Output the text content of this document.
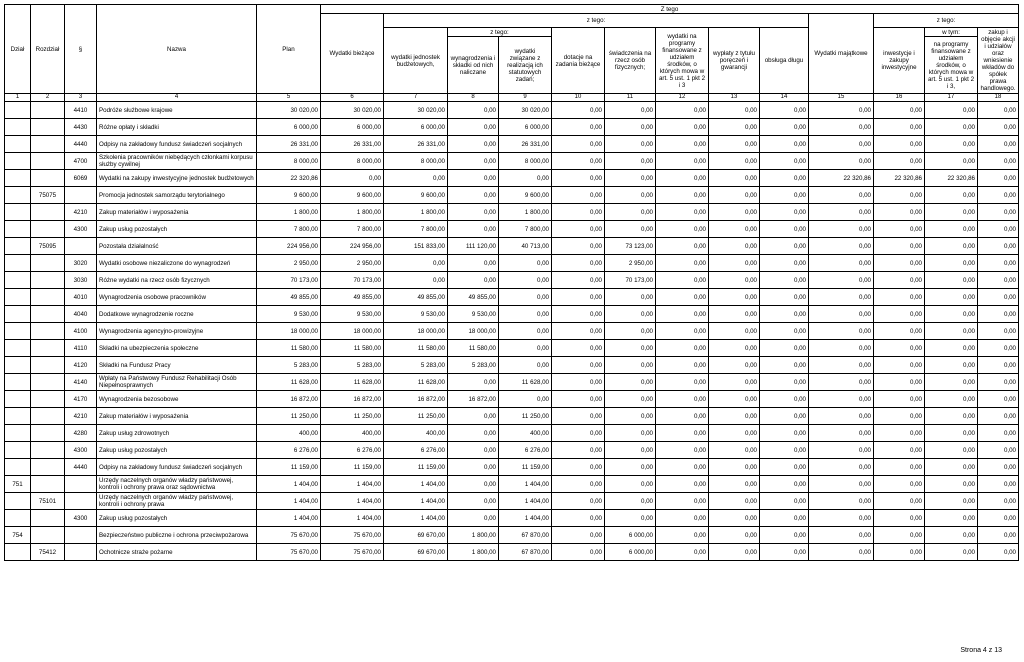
Dział	Rozdział	§	Nazwa	Plan	Z tego													
					Wydatki bieżące	z tego:								Wydatki majątkowe	z tego:			
						wydatki jednostek budżetowych,	z tego:		dotacje na zadania bieżące	świadczenia na rzecz osób fizycznych;	wydatki na programy finansowane z udziałem środków, o których mowa w art. 5 ust. 1 pkt 2 i 3	wypłaty z tytułu poręczeń i gwarancji	obsługa długu		inwestycje i zakupy inwestycyjne	w tym:	zakup i objęcie akcji i udziałów oraz wniesienie wkładów do spółek prawa handlowego.	
							wynagrodzenia i składki od nich naliczane	wydatki związane z realizacją ich statutowych zadań;								na programy finansowane z udziałem środków, o których mowa w art. 5 ust. 1 pkt 2 i 3,		

1	2	3	4	5	6	7	8	9	10	11	12	13	14	15	16	17	18	
		4410	Podróże służbowe krajowe	30 020,00	30 020,00	30 020,00	0,00	30 020,00	0,00	0,00	0,00	0,00	0,00	0,00	0,00	0,00	0,00	
		4430	Różne opłaty i składki	6 000,00	6 000,00	6 000,00	0,00	6 000,00	0,00	0,00	0,00	0,00	0,00	0,00	0,00	0,00	0,00	
		4440	Odpisy na zakładowy fundusz świadczeń socjalnych	26 331,00	26 331,00	26 331,00	0,00	26 331,00	0,00	0,00	0,00	0,00	0,00	0,00	0,00	0,00	0,00	
		4700	Szkolenia pracowników niebędących członkami korpusu służby cywilnej	8 000,00	8 000,00	8 000,00	0,00	8 000,00	0,00	0,00	0,00	0,00	0,00	0,00	0,00	0,00	0,00	
		6069	Wydatki na zakupy inwestycyjne jednostek budżetowych	22 320,86	0,00	0,00	0,00	0,00	0,00	0,00	0,00	0,00	0,00	22 320,86	22 320,86	22 320,86	0,00	
	75075		Promocja jednostek samorządu terytorialnego	9 600,00	9 600,00	9 600,00	0,00	9 600,00	0,00	0,00	0,00	0,00	0,00	0,00	0,00	0,00	0,00	
		4210	Zakup materiałów i wyposażenia	1 800,00	1 800,00	1 800,00	0,00	1 800,00	0,00	0,00	0,00	0,00	0,00	0,00	0,00	0,00	0,00	
		4300	Zakup usług pozostałych	7 800,00	7 800,00	7 800,00	0,00	7 800,00	0,00	0,00	0,00	0,00	0,00	0,00	0,00	0,00	0,00	
	75095		Pozostała działalność	224 956,00	224 956,00	151 833,00	111 120,00	40 713,00	0,00	73 123,00	0,00	0,00	0,00	0,00	0,00	0,00	0,00	
		3020	Wydatki osobowe niezaliczone do wynagrodzeń	2 950,00	2 950,00	0,00	0,00	0,00	0,00	2 950,00	0,00	0,00	0,00	0,00	0,00	0,00	0,00	
		3030	Różne wydatki na rzecz osób fizycznych	70 173,00	70 173,00	0,00	0,00	0,00	0,00	70 173,00	0,00	0,00	0,00	0,00	0,00	0,00	0,00	
		4010	Wynagrodzenia osobowe pracowników	49 855,00	49 855,00	49 855,00	49 855,00	0,00	0,00	0,00	0,00	0,00	0,00	0,00	0,00	0,00	0,00	
		4040	Dodatkowe wynagrodzenie roczne	9 530,00	9 530,00	9 530,00	9 530,00	0,00	0,00	0,00	0,00	0,00	0,00	0,00	0,00	0,00	0,00	
		4100	Wynagrodzenia agencyjno-prowizyjne	18 000,00	18 000,00	18 000,00	18 000,00	0,00	0,00	0,00	0,00	0,00	0,00	0,00	0,00	0,00	0,00	
		4110	Składki na ubezpieczenia społeczne	11 580,00	11 580,00	11 580,00	11 580,00	0,00	0,00	0,00	0,00	0,00	0,00	0,00	0,00	0,00	0,00	
		4120	Składki na Fundusz Pracy	5 283,00	5 283,00	5 283,00	5 283,00	0,00	0,00	0,00	0,00	0,00	0,00	0,00	0,00	0,00	0,00	
		4140	Wpłaty na Państwowy Fundusz Rehabilitacji Osób Niepełnosprawnych	11 628,00	11 628,00	11 628,00	0,00	11 628,00	0,00	0,00	0,00	0,00	0,00	0,00	0,00	0,00	0,00	
		4170	Wynagrodzenia bezosobowe	16 872,00	16 872,00	16 872,00	16 872,00	0,00	0,00	0,00	0,00	0,00	0,00	0,00	0,00	0,00	0,00	
		4210	Zakup materiałów i wyposażenia	11 250,00	11 250,00	11 250,00	0,00	11 250,00	0,00	0,00	0,00	0,00	0,00	0,00	0,00	0,00	0,00	
		4280	Zakup usług zdrowotnych	400,00	400,00	400,00	0,00	400,00	0,00	0,00	0,00	0,00	0,00	0,00	0,00	0,00	0,00	
		4300	Zakup usług pozostałych	6 276,00	6 276,00	6 276,00	0,00	6 276,00	0,00	0,00	0,00	0,00	0,00	0,00	0,00	0,00	0,00	
		4440	Odpisy na zakładowy fundusz świadczeń socjalnych	11 159,00	11 159,00	11 159,00	0,00	11 159,00	0,00	0,00	0,00	0,00	0,00	0,00	0,00	0,00	0,00	
751			Urzędy naczelnych organów władzy państwowej, kontroli i ochrony prawa oraz sądownictwa	1 404,00	1 404,00	1 404,00	0,00	1 404,00	0,00	0,00	0,00	0,00	0,00	0,00	0,00	0,00	0,00	
	75101		Urzędy naczelnych organów władzy państwowej, kontroli i ochrony prawa	1 404,00	1 404,00	1 404,00	0,00	1 404,00	0,00	0,00	0,00	0,00	0,00	0,00	0,00	0,00	0,00	
		4300	Zakup usług pozostałych	1 404,00	1 404,00	1 404,00	0,00	1 404,00	0,00	0,00	0,00	0,00	0,00	0,00	0,00	0,00	0,00	
754			Bezpieczeństwo publiczne i ochrona przeciwpożarowa	75 670,00	75 670,00	69 670,00	1 800,00	67 870,00	0,00	6 000,00	0,00	0,00	0,00	0,00	0,00	0,00	0,00	
	75412		Ochotnicze straże pożarne	75 670,00	75 670,00	69 670,00	1 800,00	67 870,00	0,00	6 000,00	0,00	0,00	0,00	0,00	0,00	0,00	0,00	
Strona 4 z 13
